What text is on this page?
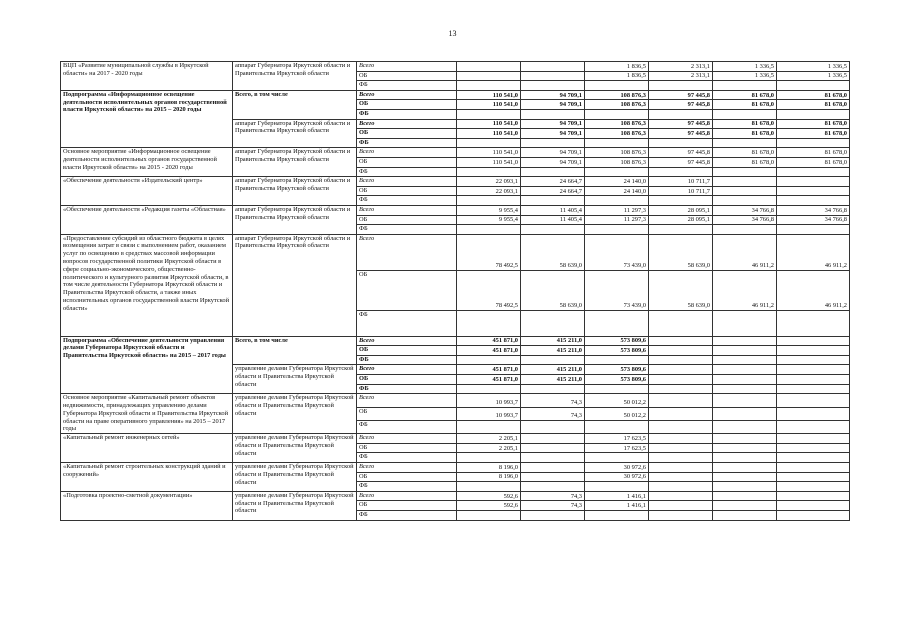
13
ВЦП «Развитие муниципальной службы в Иркутской области» на 2017 - 2020 годы	аппарат Губернатора Иркутской области и Правительства Иркутской области	Всего			1 836,5	2 313,1	1 336,5	1 336,5
		ОБ			1 836,5	2 313,1	1 336,5	1 336,5
		ФБ						
Подпрограмма «Информационное освещение деятельности исполнительных органов государственной власти Иркутской области» на 2015 – 2020 годы	Всего, в том числе	Всего	110 541,0	94 709,1	108 876,3	97 445,8	81 678,0	81 678,0
		ОБ	110 541,0	94 709,1	108 876,3	97 445,8	81 678,0	81 678,0
		ФБ						
	аппарат Губернатора Иркутской области и Правительства Иркутской области	Всего	110 541,0	94 709,1	108 876,3	97 445,8	81 678,0	81 678,0
		ОБ	110 541,0	94 709,1	108 876,3	97 445,8	81 678,0	81 678,0
		ФБ						
Основное мероприятие «Информационное освещение деятельности исполнительных органов государственной власти Иркутской области» на 2015 - 2020 годы	аппарат Губернатора Иркутской области и Правительства Иркутской области	Всего	110 541,0	94 709,1	108 876,3	97 445,8	81 678,0	81 678,0
		ОБ	110 541,0	94 709,1	108 876,3	97 445,8	81 678,0	81 678,0
		ФБ						
«Обеспечение деятельности «Издательский центр»	аппарат Губернатора Иркутской области и Правительства Иркутской области	Всего	22 093,1	24 664,7	24 140,0	10 711,7		
		ОБ	22 093,1	24 664,7	24 140,0	10 711,7		
		ФБ						
«Обеспечение деятельности «Редакция газеты «Областная»	аппарат Губернатора Иркутской области и Правительства Иркутской области	Всего	9 955,4	11 405,4	11 297,3	28 095,1	34 766,8	34 766,8
		ОБ	9 955,4	11 405,4	11 297,3	28 095,1	34 766,8	34 766,8
		ФБ						
«Предоставление субсидий из областного бюджета в целях возмещения затрат в связи с выполнением работ, оказанием услуг по освещению в средствах массовой информации вопросов государственной политики Иркутской области в сфере социально-экономического, общественно-политического и культурного развития Иркутской области, в том числе деятельности Губернатора Иркутской области и Правительства Иркутской области, а также иных исполнительных органов государственной власти Иркутской области»	аппарат Губернатора Иркутской области и Правительства Иркутской области	Всего	78 492,5	58 639,0	73 439,0	58 639,0	46 911,2	46 911,2
		ОБ	78 492,5	58 639,0	73 439,0	58 639,0	46 911,2	46 911,2
		ФБ						
Подпрограмма «Обеспечение деятельности управления делами Губернатора Иркутской области и Правительства Иркутской области» на 2015 – 2017 годы	Всего, в том числе	Всего	451 871,0	415 211,0	573 809,6			
		ОБ	451 871,0	415 211,0	573 809,6			
		ФБ						
	управление делами Губернатора Иркутской области и Правительства Иркутской области	Всего	451 871,0	415 211,0	573 809,6			
		ОБ	451 871,0	415 211,0	573 809,6			
		ФБ						
Основное мероприятие «Капитальный ремонт объектов недвижимости, принадлежащих управлению делами Губернатора Иркутской области и Правительства Иркутской области на праве оперативного управления» на 2015 – 2017 годы	управление делами Губернатора Иркутской области и Правительства Иркутской области	Всего	10 993,7	74,3	50 012,2			
		ОБ	10 993,7	74,3	50 012,2			
		ФБ						
«Капитальный ремонт инженерных сетей»	управление делами Губернатора Иркутской области и Правительства Иркутской области	Всего	2 205,1		17 623,5			
		ОБ	2 205,1		17 623,5			
		ФБ						
«Капитальный ремонт строительных конструкций зданий и сооружений»	управление делами Губернатора Иркутской области и Правительства Иркутской области	Всего	8 196,0		30 972,6			
		ОБ	8 196,0		30 972,6			
		ФБ						
«Подготовка проектно-сметной документации»	управление делами Губернатора Иркутской области и Правительства Иркутской области	Всего	592,6	74,3	1 416,1			
		ОБ	592,6	74,3	1 416,1			
		ФБ						
